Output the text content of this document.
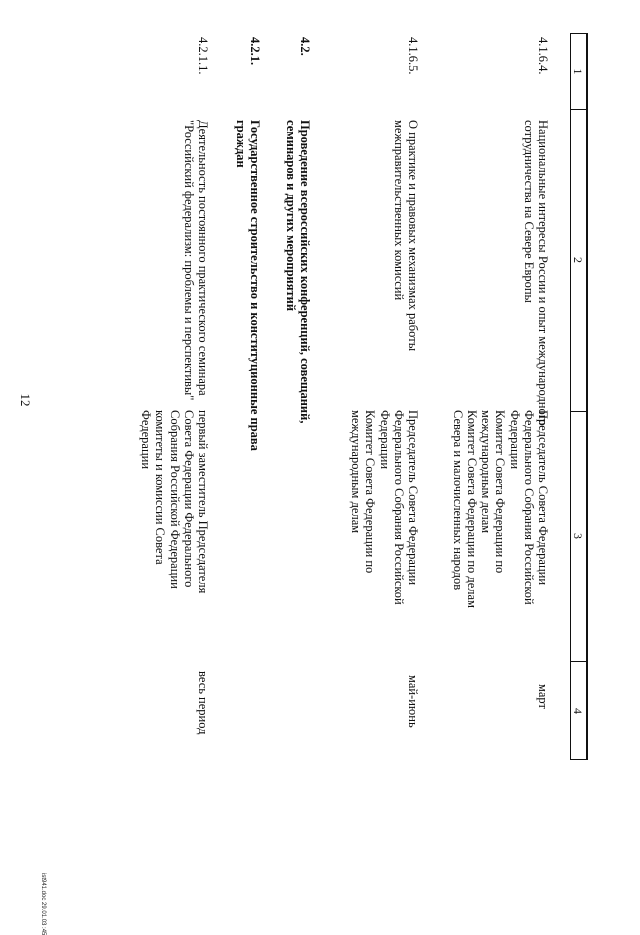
1
2
3
4
4.1.6.4.
Национальные интересы России и опыт международного
сотрудничества на Севере Европы
Председатель Совета Федерации
Федерального Собрания Российской
Федерации
Комитет Совета Федерации по
международным делам
Комитет Совета Федерации по делам
Севера и малочисленных народов
март
4.1.6.5.
О практике и правовых механизмах работы
межправительственных комиссий
Председатель Совета Федерации
Федерального Собрания Российской
Федерации
Комитет Совета Федерации по
международным делам
май-июнь
4.2.
Проведение всероссийских конференций, совещаний,
семинаров и других мероприятий
4.2.1.
Государственное строительство и конституционные права
граждан
4.2.1.1.
Деятельность постоянного практического семинара
"Российский федерализм: проблемы и перспективы"
первый заместитель Председателя
Совета Федерации Федерального
Собрания Российской Федерации
комитеты и комиссии Совета
Федерации
весь период
12
ist941.doc 29.01.03 :45
